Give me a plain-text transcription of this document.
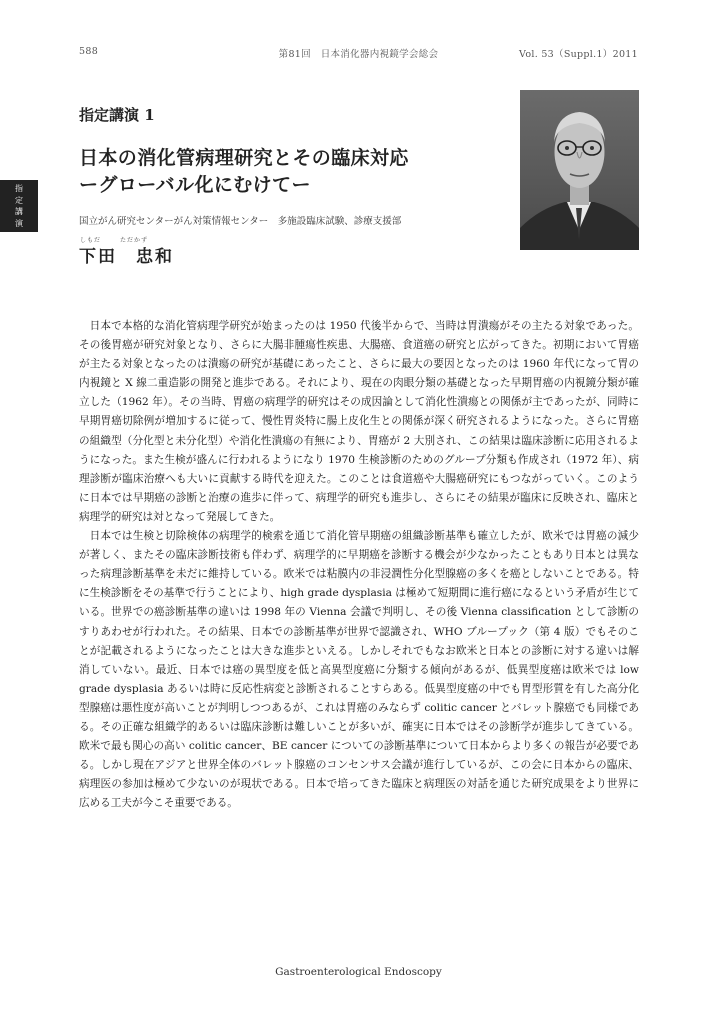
588	第81回　日本消化器内視鏡学会総会	Vol. 53（Suppl.1）2011
指
定
講
演
指定講演 1
日本の消化管病理研究とその臨床対応
ーグローバル化にむけてー
国立がん研究センターがん対策情報センター　多施設臨床試験、診療支援部
しもだ	ただかず
下田　忠和

日本で本格的な消化管病理学研究が始まったのは 1950 代後半からで、当時は胃潰瘍がその主たる対象であった。その後胃癌が研究対象となり、さらに大腸非腫瘍性疾患、大腸癌、食道癌の研究と広がってきた。初期において胃癌が主たる対象となったのは潰瘍の研究が基礎にあったこと、さらに最大の要因となったのは 1960 年代になって胃の内視鏡と X 線二重造影の開発と進歩である。それにより、現在の肉眼分類の基礎となった早期胃癌の内視鏡分類が確立した（1962 年）。その当時、胃癌の病理学的研究はその成因論として消化性潰瘍との関係が主であったが、同時に早期胃癌切除例が増加するに従って、慢性胃炎特に腸上皮化生との関係が深く研究されるようになった。さらに胃癌の組織型（分化型と未分化型）や消化性潰瘍の有無により、胃癌が 2 大別され、この結果は臨床診断に応用されるようになった。また生検が盛んに行われるようになり 1970 生検診断のためのグループ分類も作成され（1972 年）、病理診断が臨床治療へも大いに貢献する時代を迎えた。このことは食道癌や大腸癌研究にもつながっていく。このように日本では早期癌の診断と治療の進歩に伴って、病理学的研究も進歩し、さらにその結果が臨床に反映され、臨床と病理学的研究は対となって発展してきた。

日本では生検と切除検体の病理学的検索を通じて消化管早期癌の組織診断基準も確立したが、欧米では胃癌の減少が著しく、またその臨床診断技術も伴わず、病理学的に早期癌を診断する機会が少なかったこともあり日本とは異なった病理診断基準を未だに維持している。欧米では粘膜内の非浸潤性分化型腺癌の多くを癌としないことである。特に生検診断をその基準で行うことにより、high grade dysplasia は極めて短期間に進行癌になるという矛盾が生じている。世界での癌診断基準の違いは 1998 年の Vienna 会議で判明し、その後 Vienna classification として診断のすりあわせが行われた。その結果、日本での診断基準が世界で認識され、WHO ブループック（第 4 版）でもそのことが記載されるようになったことは大きな進歩といえる。しかしそれでもなお欧米と日本との診断に対する違いは解消していない。最近、日本では癌の異型度を低と高異型度癌に分類する傾向があるが、低異型度癌は欧米では low grade dysplasia あるいは時に反応性病変と診断されることすらある。低異型度癌の中でも胃型形質を有した高分化型腺癌は悪性度が高いことが判明しつつあるが、これは胃癌のみならず colitic cancer とバレット腺癌でも同様である。その正確な組織学的あるいは臨床診断は難しいことが多いが、確実に日本ではその診断学が進歩してきている。欧米で最も関心の高い colitic cancer、BE cancer についての診断基準について日本からより多くの報告が必要である。しかし現在アジアと世界全体のバレット腺癌のコンセンサス会議が進行しているが、この会に日本からの臨床、病理医の参加は極めて少ないのが現状である。日本で培ってきた臨床と病理医の対話を通じた研究成果をより世界に広める工夫が今こそ重要である。

Gastroenterological Endoscopy
